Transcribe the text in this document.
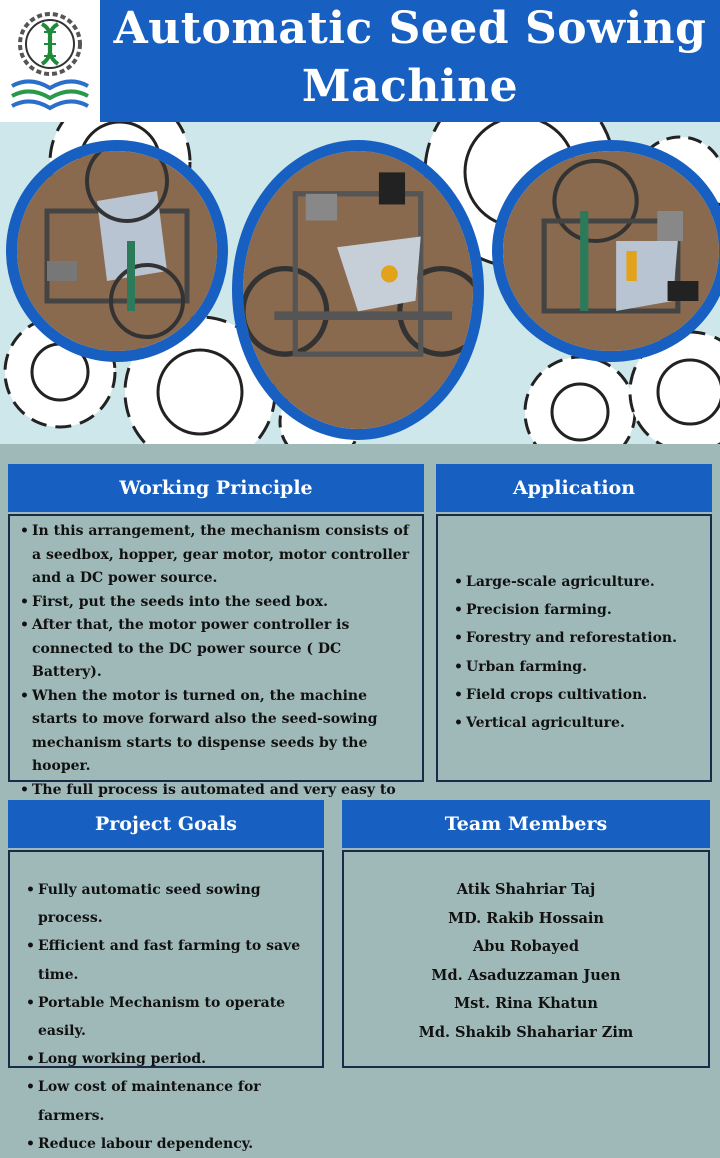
Automatic Seed Sowing
Machine
Working Principle
• In this arrangement, the mechanism consists of a seedbox, hopper, gear motor, motor controller and a DC power source.
• First, put the seeds into the seed box.
• After that, the motor power controller is connected to the DC power source ( DC Battery).
• When the motor is turned on, the machine starts to move forward also the seed-sowing mechanism starts to dispense seeds by the hooper.
• The full process is automated and very easy to
Application
• Large-scale agriculture.
• Precision farming.
• Forestry and reforestation.
• Urban farming.
• Field crops cultivation.
• Vertical agriculture.
Project Goals
• Fully automatic seed sowing process.
• Efficient and fast farming to save time.
• Portable Mechanism to operate easily.
• Long working period.
• Low cost of maintenance for farmers.
• Reduce labour dependency.
Team Members
Atik Shahriar Taj
MD. Rakib Hossain
Abu Robayed
Md. Asaduzzaman Juen
Mst. Rina Khatun
Md. Shakib Shahariar Zim
